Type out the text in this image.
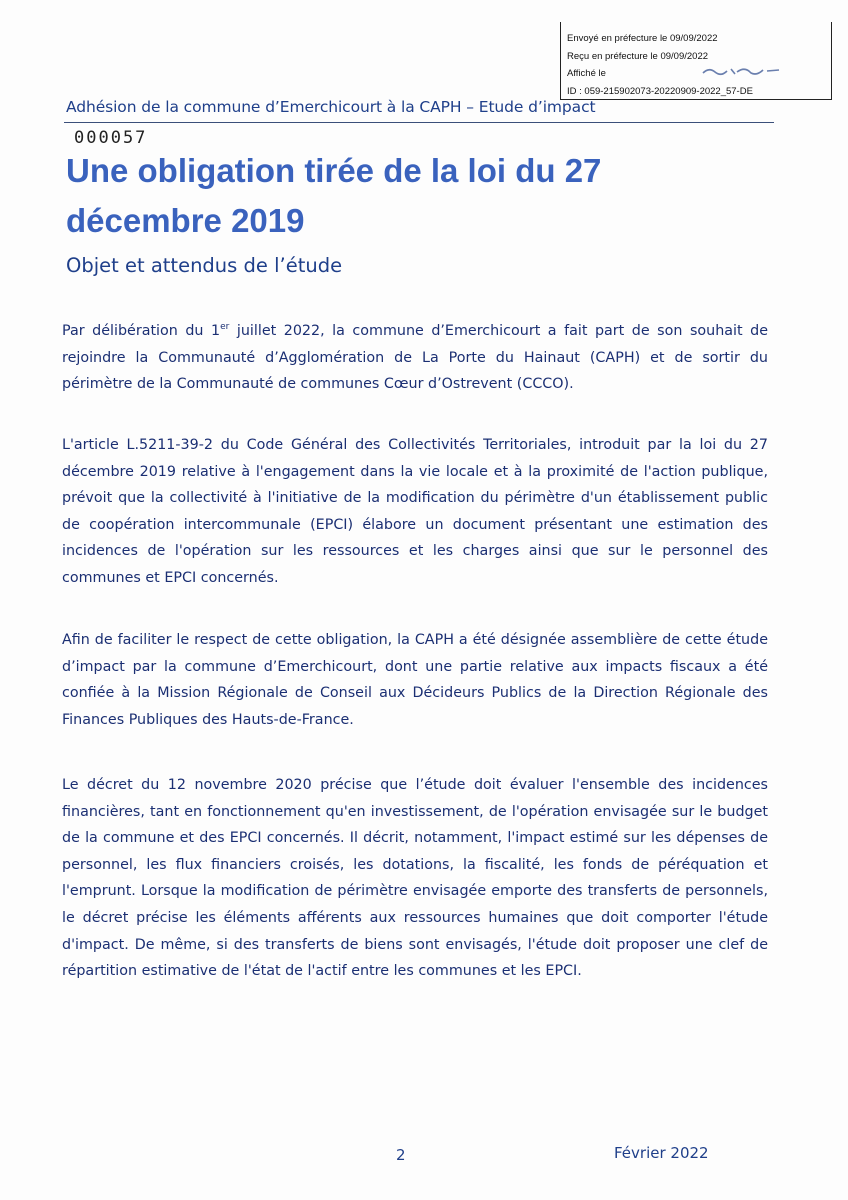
Envoyé en préfecture le 09/09/2022
Reçu en préfecture le 09/09/2022
Affiché le
ID : 059-215902073-20220909-2022_57-DE
Adhésion de la commune d’Emerchicourt à la CAPH – Etude d’impact
000057
Une obligation tirée de la loi du 27 décembre 2019
Objet et attendus de l’étude

Par délibération du 1er juillet 2022, la commune d’Emerchicourt a fait part de son souhait de rejoindre la Communauté d’Agglomération de La Porte du Hainaut (CAPH) et de sortir du périmètre de la Communauté de communes Cœur d’Ostrevent (CCCO).

L'article L.5211-39-2 du Code Général des Collectivités Territoriales, introduit par la loi du 27 décembre 2019 relative à l'engagement dans la vie locale et à la proximité de l'action publique, prévoit que la collectivité à l'initiative de la modification du périmètre d'un établissement public de coopération intercommunale (EPCI) élabore un document présentant une estimation des incidences de l'opération sur les ressources et les charges ainsi que sur le personnel des communes et EPCI concernés.

Afin de faciliter le respect de cette obligation, la CAPH a été désignée assemblière de cette étude d’impact par la commune d’Emerchicourt, dont une partie relative aux impacts fiscaux a été confiée à la Mission Régionale de Conseil aux Décideurs Publics de la Direction Régionale des Finances Publiques des Hauts-de-France.

Le décret du 12 novembre 2020 précise que l’étude doit évaluer l'ensemble des incidences financières, tant en fonctionnement qu'en investissement, de l'opération envisagée sur le budget de la commune et des EPCI concernés. Il décrit, notamment, l'impact estimé sur les dépenses de personnel, les flux financiers croisés, les dotations, la fiscalité, les fonds de péréquation et l'emprunt. Lorsque la modification de périmètre envisagée emporte des transferts de personnels, le décret précise les éléments afférents aux ressources humaines que doit comporter l'étude d'impact. De même, si des transferts de biens sont envisagés, l'étude doit proposer une clef de répartition estimative de l'état de l'actif entre les communes et les EPCI.

2	Février 2022
